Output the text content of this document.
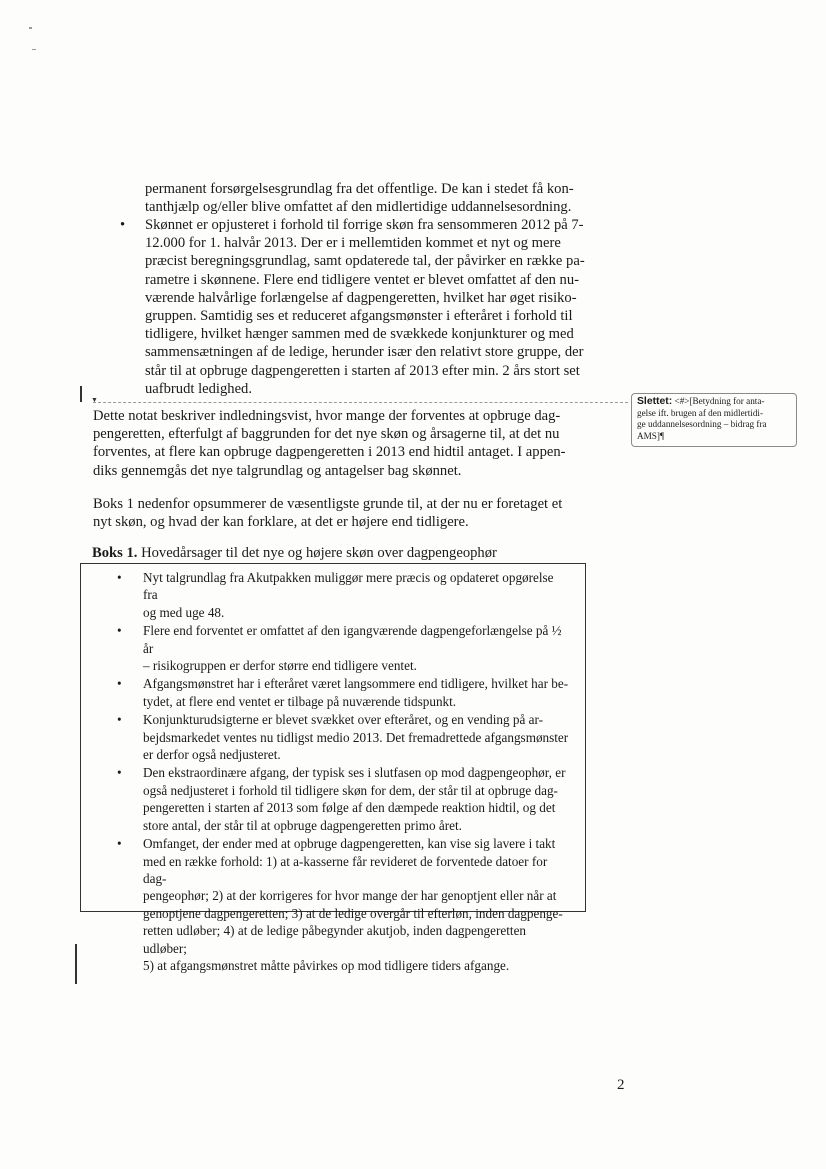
permanent forsørgelsesgrundlag fra det offentlige. De kan i stedet få kon-

tanthjælp og/eller blive omfattet af den midlertidige uddannelsesordning.

•	Skønnet er opjusteret i forhold til forrige skøn fra sensommeren 2012 på 7-

12.000 for 1. halvår 2013. Der er i mellemtiden kommet et nyt og mere

præcist beregningsgrundlag, samt opdaterede tal, der påvirker en række pa-

rametre i skønnene. Flere end tidligere ventet er blevet omfattet af den nu-

værende halvårlige forlængelse af dagpengeretten, hvilket har øget risiko-

gruppen. Samtidig ses et reduceret afgangsmønster i efteråret i forhold til

tidligere, hvilket hænger sammen med de svækkede konjunkturer og med

sammensætningen af de ledige, herunder især den relativt store gruppe, der

står til at opbruge dagpengeretten i starten af 2013 efter min. 2 års stort set

uafbrudt ledighed.

▼	Slettet: <#>[Betydning for anta-
gelse ift. brugen af den midlertidi-
ge uddannelsesordning – bidrag fra
AMS]¶

Dette notat beskriver indledningsvist, hvor mange der forventes at opbruge dag-

pengeretten, efterfulgt af baggrunden for det nye skøn og årsagerne til, at det nu

forventes, at flere kan opbruge dagpengeretten i 2013 end hidtil antaget. I appen-

diks gennemgås det nye talgrundlag og antagelser bag skønnet.

Boks 1 nedenfor opsummerer de væsentligste grunde til, at der nu er foretaget et

nyt skøn, og hvad der kan forklare, at det er højere end tidligere.

Boks 1. Hovedårsager til det nye og højere skøn over dagpengeophør
• Nyt talgrundlag fra Akutpakken muliggør mere præcis og opdateret opgørelse fra
og med uge 48.
• Flere end forventet er omfattet af den igangværende dagpengeforlængelse på ½ år
– risikogruppen er derfor større end tidligere ventet.
• Afgangsmønstret har i efteråret været langsommere end tidligere, hvilket har be-
tydet, at flere end ventet er tilbage på nuværende tidspunkt.
• Konjunkturudsigterne er blevet svækket over efteråret, og en vending på ar-
bejdsmarkedet ventes nu tidligst medio 2013. Det fremadrettede afgangsmønster
er derfor også nedjusteret.
• Den ekstraordinære afgang, der typisk ses i slutfasen op mod dagpengeophør, er
også nedjusteret i forhold til tidligere skøn for dem, der står til at opbruge dag-
pengeretten i starten af 2013 som følge af den dæmpede reaktion hidtil, og det
store antal, der står til at opbruge dagpengeretten primo året.
• Omfanget, der ender med at opbruge dagpengeretten, kan vise sig lavere i takt
med en række forhold: 1) at a-kasserne får revideret de forventede datoer for dag-
pengeophør; 2) at der korrigeres for hvor mange der har genoptjent eller når at
genoptjene dagpengeretten; 3) at de ledige overgår til efterløn, inden dagpenge-
retten udløber; 4) at de ledige påbegynder akutjob, inden dagpengeretten udløber;
5) at afgangsmønstret måtte påvirkes op mod tidligere tiders afgange.
2
